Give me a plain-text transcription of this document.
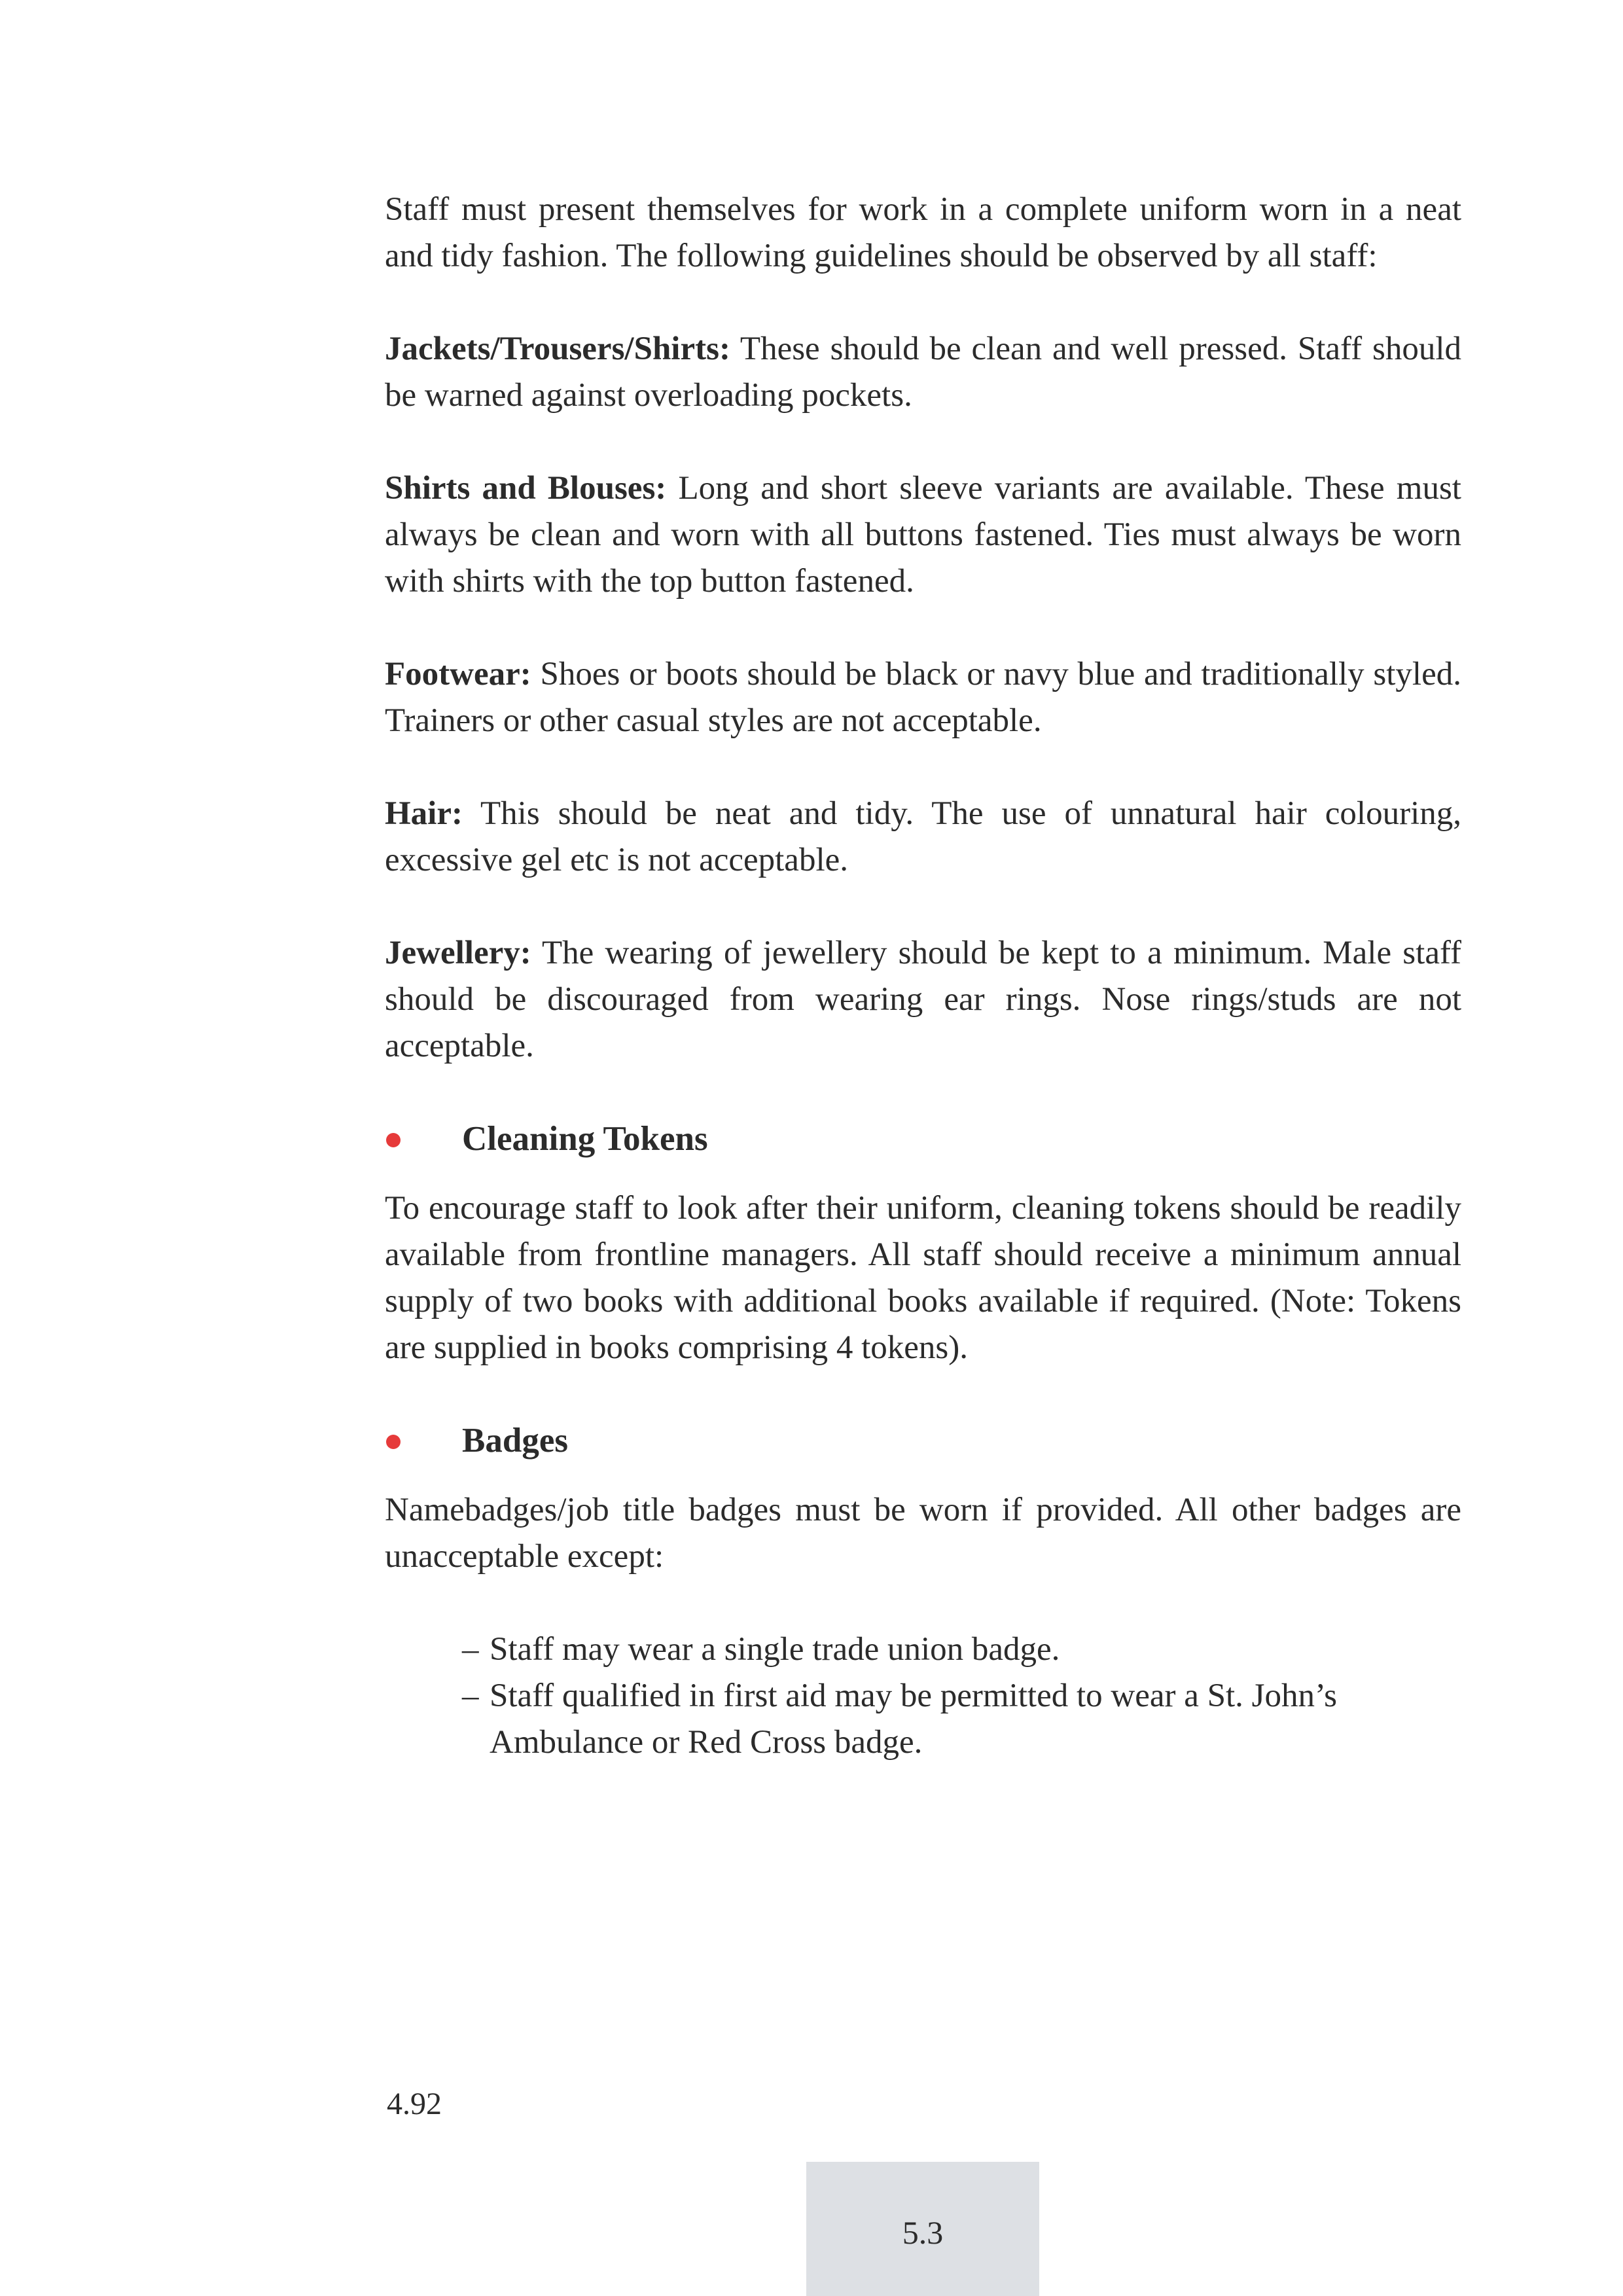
Staff must present themselves for work in a complete uniform worn in a neat and tidy fashion. The following guidelines should be observed by all staff:

Jackets/Trousers/Shirts: These should be clean and well pressed. Staff should be warned against overloading pockets.

Shirts and Blouses: Long and short sleeve variants are available. These must always be clean and worn with all buttons fastened. Ties must always be worn with shirts with the top button fastened.

Footwear: Shoes or boots should be black or navy blue and traditionally styled. Trainers or other casual styles are not acceptable.

Hair: This should be neat and tidy. The use of unnatural hair colouring, excessive gel etc is not acceptable.

Jewellery: The wearing of jewellery should be kept to a minimum. Male staff should be discouraged from wearing ear rings. Nose rings/studs are not acceptable.

Cleaning Tokens

To encourage staff to look after their uniform, cleaning tokens should be readily available from frontline managers. All staff should receive a minimum annual supply of two books with additional books available if required. (Note: Tokens are supplied in books comprising 4 tokens).

Badges

Namebadges/job title badges must be worn if provided. All other badges are unacceptable except:

– Staff may wear a single trade union badge.
– Staff qualified in first aid may be permitted to wear a St. John’s Ambulance or Red Cross badge.
4.92
5.3
